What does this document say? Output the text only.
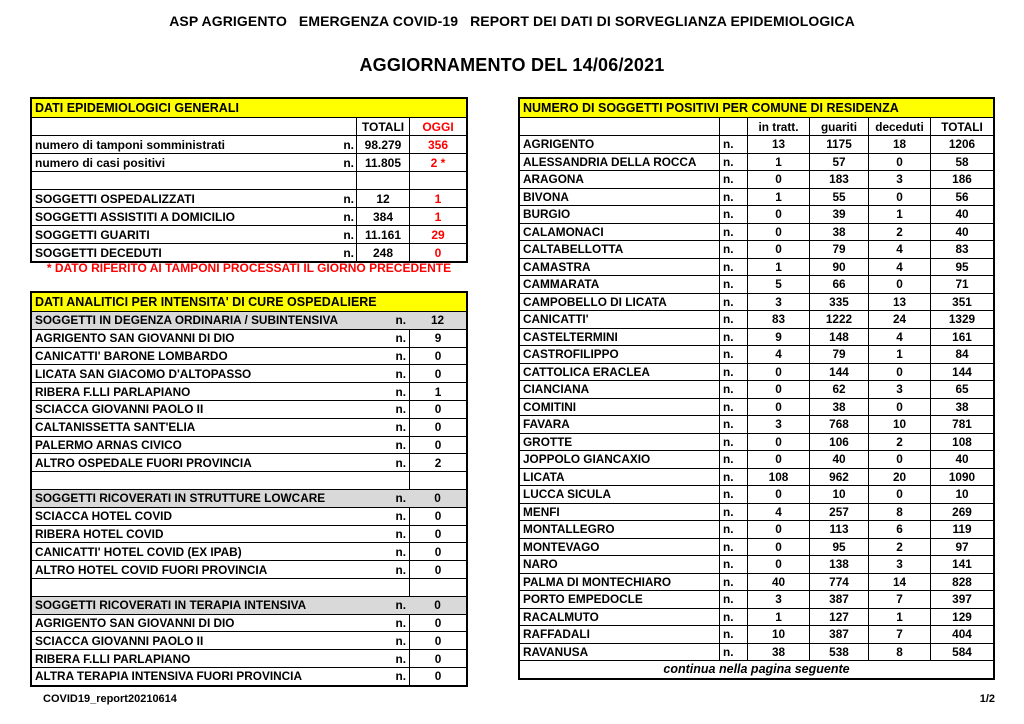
ASP AGRIGENTO   EMERGENZA COVID-19   REPORT DEI DATI DI SORVEGLIANZA EPIDEMIOLOGICA
AGGIORNAMENTO DEL 14/06/2021
DATI EPIDEMIOLOGICI GENERALI
TOTALI	OGGI
numero di tamponi somministrati	n. 98.279	356
numero di casi positivi	n. 11.805	2 *
SOGGETTI OSPEDALIZZATI	n.	12	1
SOGGETTI ASSISTITI A DOMICILIO	n.	384	1
SOGGETTI GUARITI	n. 11.161	29
SOGGETTI DECEDUTI	n.	248	0
* DATO RIFERITO AI TAMPONI PROCESSATI IL GIORNO PRECEDENTE
DATI ANALITICI PER INTENSITA' DI CURE OSPEDALIERE
SOGGETTI IN DEGENZA ORDINARIA / SUBINTENSIVA	n.	12
AGRIGENTO SAN GIOVANNI DI DIO	n.	9
CANICATTI' BARONE LOMBARDO	n.	0
LICATA SAN GIACOMO D'ALTOPASSO	n.	0
RIBERA F.LLI PARLAPIANO	n.	1
SCIACCA GIOVANNI PAOLO II	n.	0
CALTANISSETTA SANT'ELIA	n.	0
PALERMO ARNAS CIVICO	n.	0
ALTRO OSPEDALE FUORI PROVINCIA	n.	2
SOGGETTI RICOVERATI IN STRUTTURE LOWCARE	n.	0
SCIACCA HOTEL COVID	n.	0
RIBERA HOTEL COVID	n.	0
CANICATTI' HOTEL COVID (EX IPAB)	n.	0
ALTRO HOTEL COVID FUORI PROVINCIA	n.	0
SOGGETTI RICOVERATI IN TERAPIA INTENSIVA	n.	0
AGRIGENTO SAN GIOVANNI DI DIO	n.	0
SCIACCA GIOVANNI PAOLO II	n.	0
RIBERA F.LLI PARLAPIANO	n.	0
ALTRA TERAPIA INTENSIVA FUORI PROVINCIA	n.	0
NUMERO DI SOGGETTI POSITIVI PER COMUNE DI RESIDENZA
in tratt.	guariti	deceduti	TOTALI
AGRIGENTO	n.	13	1175	18	1206
ALESSANDRIA DELLA ROCCA	n.	1	57	0	58
ARAGONA	n.	0	183	3	186
BIVONA	n.	1	55	0	56
BURGIO	n.	0	39	1	40
CALAMONACI	n.	0	38	2	40
CALTABELLOTTA	n.	0	79	4	83
CAMASTRA	n.	1	90	4	95
CAMMARATA	n.	5	66	0	71
CAMPOBELLO DI LICATA	n.	3	335	13	351
CANICATTI'	n.	83	1222	24	1329
CASTELTERMINI	n.	9	148	4	161
CASTROFILIPPO	n.	4	79	1	84
CATTOLICA ERACLEA	n.	0	144	0	144
CIANCIANA	n.	0	62	3	65
COMITINI	n.	0	38	0	38
FAVARA	n.	3	768	10	781
GROTTE	n.	0	106	2	108
JOPPOLO GIANCAXIO	n.	0	40	0	40
LICATA	n.	108	962	20	1090
LUCCA SICULA	n.	0	10	0	10
MENFI	n.	4	257	8	269
MONTALLEGRO	n.	0	113	6	119
MONTEVAGO	n.	0	95	2	97
NARO	n.	0	138	3	141
PALMA DI MONTECHIARO	n.	40	774	14	828
PORTO EMPEDOCLE	n.	3	387	7	397
RACALMUTO	n.	1	127	1	129
RAFFADALI	n.	10	387	7	404
RAVANUSA	n.	38	538	8	584
continua nella pagina seguente
COVID19_report20210614	1/2
